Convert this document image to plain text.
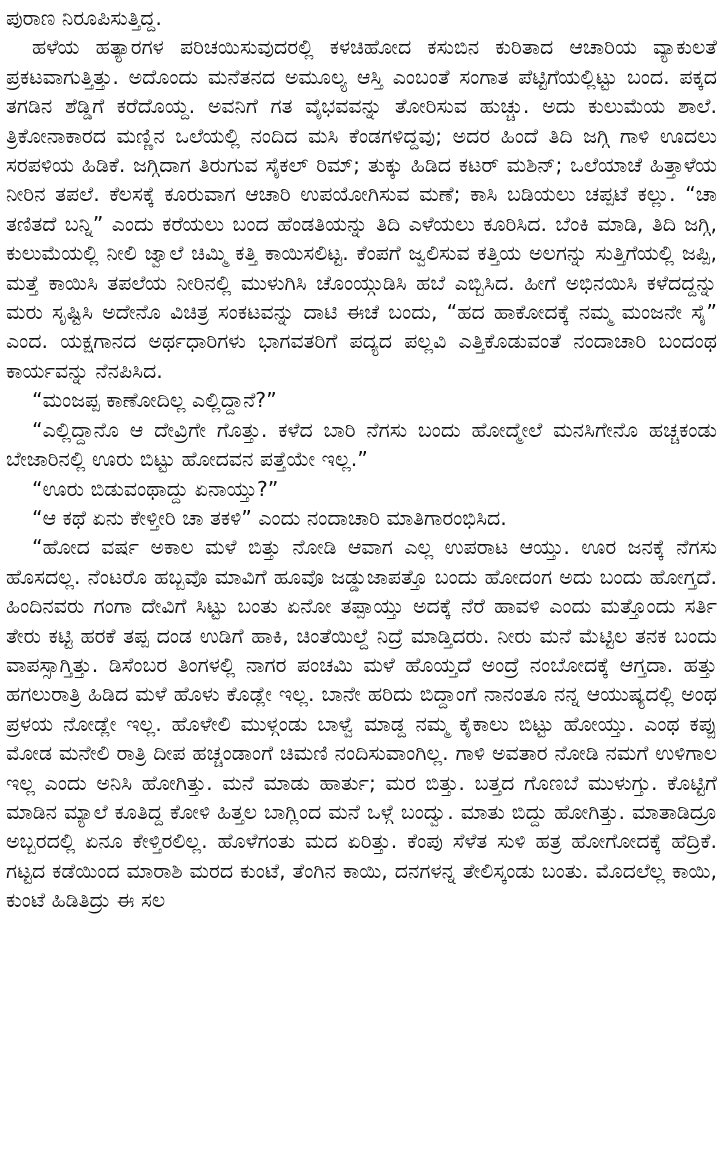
ಪುರಾಣ ನಿರೂಪಿಸುತ್ತಿದ್ದ.

ಹಳೆಯ ಹತ್ಯಾರಗಳ ಪರಿಚಯಿಸುವುದರಲ್ಲಿ ಕಳಚಿಹೋದ ಕಸುಬಿನ ಕುರಿತಾದ ಆಚಾರಿಯ ವ್ಯಾಕುಲತೆ ಪ್ರಕಟವಾಗುತ್ತಿತ್ತು. ಅದೊಂದು ಮನೆತನದ ಅಮೂಲ್ಯ ಆಸ್ತಿ ಎಂಬಂತೆ ಸಂಗಾತ ಪೆಟ್ಟಿಗೆಯಲ್ಲಿಟ್ಟು ಬಂದ. ಪಕ್ಕದ ತಗಡಿನ ಶೆಡ್ಡಿಗೆ ಕರೆದೊಯ್ದ. ಅವನಿಗೆ ಗತ ವೈಭವವನ್ನು ತೋರಿಸುವ ಹುಚ್ಚು. ಅದು ಕುಲುಮೆಯ ಶಾಲೆ. ತ್ರಿಕೋನಾಕಾರದ ಮಣ್ಣಿನ ಒಲೆಯಲ್ಲಿ ನಂದಿದ ಮಸಿ ಕೆಂಡಗಳಿದ್ದವು; ಅದರ ಹಿಂದೆ ತಿದಿ ಜಗ್ಗಿ ಗಾಳಿ ಊದಲು ಸರಪಳಿಯ ಹಿಡಿಕೆ. ಜಗ್ಗಿದಾಗ ತಿರುಗುವ ಸೈಕಲ್ ರಿಮ್; ತುಕ್ಕು ಹಿಡಿದ ಕಟರ್ ಮಶಿನ್; ಒಲೆಯಾಚೆ ಹಿತ್ತಾಳೆಯ ನೀರಿನ ತಪಲೆ. ಕೆಲಸಕ್ಕೆ ಕೂರುವಾಗ ಆಚಾರಿ ಉಪಯೋಗಿಸುವ ಮಣೆ; ಕಾಸಿ ಬಡಿಯಲು ಚಪ್ಪಟೆ ಕಲ್ಲು. “ಚಾ ತಣಿತದೆ ಬನ್ನಿ” ಎಂದು ಕರೆಯಲು ಬಂದ ಹೆಂಡತಿಯನ್ನು ತಿದಿ ಎಳೆಯಲು ಕೂರಿಸಿದ. ಬೆಂಕಿ ಮಾಡಿ, ತಿದಿ ಜಗ್ಗಿ, ಕುಲುಮೆಯಲ್ಲಿ ನೀಲಿ ಜ್ವಾಲೆ ಚಿಮ್ಮಿ ಕತ್ತಿ ಕಾಯಿಸಲಿಟ್ಟ. ಕೆಂಪಗೆ ಜ್ವಲಿಸುವ ಕತ್ತಿಯ ಅಲಗನ್ನು ಸುತ್ತಿಗೆಯಲ್ಲಿ ಜಪ್ಪಿ, ಮತ್ತೆ ಕಾಯಿಸಿ ತಪಲೆಯ ನೀರಿನಲ್ಲಿ ಮುಳುಗಿಸಿ ಚೊಂಯ್ಗುಡಿಸಿ ಹಬೆ ಎಬ್ಬಿಸಿದ. ಹೀಗೆ ಅಭಿನಯಿಸಿ ಕಳೆದದ್ದನ್ನು ಮರು ಸೃಷ್ಟಿಸಿ ಅದೇನೊ ವಿಚಿತ್ರ ಸಂಕಟವನ್ನು ದಾಟಿ ಈಚೆ ಬಂದು, “ಹದ ಹಾಕೋದಕ್ಕೆ ನಮ್ಮ ಮಂಜನೇ ಸೈ” ಎಂದ. ಯಕ್ಷಗಾನದ ಅರ್ಥಧಾರಿಗಳು ಭಾಗವತರಿಗೆ ಪದ್ಯದ ಪಲ್ಲವಿ ಎತ್ತಿಕೊಡುವಂತೆ ನಂದಾಚಾರಿ ಬಂದಂಥ ಕಾರ್ಯವನ್ನು ನೆನಪಿಸಿದ.

“ಮಂಜಪ್ಪ ಕಾಣೋದಿಲ್ಲ ಎಲ್ಲಿದ್ದಾನೆ?”

“ಎಲ್ಲಿದ್ದಾನೊ ಆ ದೇವ್ರಿಗೇ ಗೊತ್ತು. ಕಳೆದ ಬಾರಿ ನೆಗಸು ಬಂದು ಹೋದ್ಮೇಲೆ ಮನಸಿಗೇನೊ ಹಚ್ಚಕಂಡು ಬೇಜಾರಿನಲ್ಲಿ ಊರು ಬಿಟ್ಟು ಹೋದವನ ಪತ್ತೆಯೇ ಇಲ್ಲ.”

“ಊರು ಬಿಡುವಂಥಾದ್ದು ಏನಾಯ್ತು?”

“ಆ ಕಥೆ ಏನು ಕೇಳ್ತೀರಿ ಚಾ ತಕಳಿ” ಎಂದು ನಂದಾಚಾರಿ ಮಾತಿಗಾರಂಭಿಸಿದ.

“ಹೋದ ವರ್ಷ ಅಕಾಲ ಮಳೆ ಬಿತ್ತು ನೋಡಿ ಆವಾಗ ಎಲ್ಲ ಉಪರಾಟ ಆಯ್ತು. ಊರ ಜನಕ್ಕೆ ನೆಗಸು ಹೊಸದಲ್ಲ. ನೆಂಟರೊ ಹಬ್ಬವೊ ಮಾವಿಗೆ ಹೂವೊ ಜಡ್ಡುಜಾಪತ್ತೊ ಬಂದು ಹೋದಂಗ ಅದು ಬಂದು ಹೋಗ್ತದೆ. ಹಿಂದಿನವರು ಗಂಗಾ ದೇವಿಗೆ ಸಿಟ್ಟು ಬಂತು ಏನೋ ತಪ್ಪಾಯ್ತು ಅದಕ್ಕೆ ನೆರೆ ಹಾವಳಿ ಎಂದು ಮತ್ತೊಂದು ಸರ್ತಿ ತೇರು ಕಟ್ಟಿ ಹರಕೆ ತಪ್ಪ ದಂಡ ಉಡಿಗೆ ಹಾಕಿ, ಚಿಂತೆಯಿಲ್ದೆ ನಿದ್ರೆ ಮಾಡ್ತಿದರು. ನೀರು ಮನೆ ಮೆಟ್ಟಿಲ ತನಕ ಬಂದು ವಾಪಸ್ಸಾಗ್ತಿತ್ತು. ಡಿಸೆಂಬರ ತಿಂಗಳಲ್ಲಿ ನಾಗರ ಪಂಚಮಿ ಮಳೆ ಹೊಯ್ತದೆ ಅಂದ್ರೆ ನಂಬೋದಕ್ಕೆ ಆಗ್ತದಾ. ಹತ್ತು ಹಗಲುರಾತ್ರಿ ಹಿಡಿದ ಮಳೆ ಹೊಳು ಕೊಡ್ಲೇ ಇಲ್ಲ. ಬಾನೇ ಹರಿದು ಬಿದ್ದಾಂಗೆ ನಾನಂತೂ ನನ್ನ ಆಯುಷ್ಯದಲ್ಲಿ ಅಂಥ ಪ್ರಳಯ ನೋಡ್ಲೇ ಇಲ್ಲ. ಹೊಳೇಲಿ ಮುಳ್ಗಂಡು ಬಾಳ್ವೆ ಮಾಡ್ದ ನಮ್ಮ ಕೈಕಾಲು ಬಿಟ್ಟು ಹೋಯ್ತು. ಎಂಥ ಕಪ್ಪು ಮೋಡ ಮನೇಲಿ ರಾತ್ರಿ ದೀಪ ಹಚ್ಚಂಡಾಂಗೆ ಚಿಮಣಿ ನಂದಿಸುವಾಂಗಿಲ್ಲ. ಗಾಳಿ ಅವತಾರ ನೋಡಿ ನಮಗೆ ಉಳಿಗಾಲ ಇಲ್ಲ ಎಂದು ಅನಿಸಿ ಹೋಗಿತ್ತು. ಮನೆ ಮಾಡು ಹಾರ್ತು; ಮರ ಬಿತ್ತು. ಬತ್ತದ ಗೊಣಬೆ ಮುಳುಗ್ತು. ಕೊಟ್ಟಿಗೆ ಮಾಡಿನ ಮ್ಯಾಲೆ ಕೂತಿದ್ದ ಕೋಳಿ ಹಿತ್ತಲ ಬಾಗ್ಲಿಂದ ಮನೆ ಒಳ್ಗೆ ಬಂದ್ವು. ಮಾತು ಬಿದ್ದು ಹೋಗಿತ್ತು. ಮಾತಾಡಿದ್ರೂ ಅಬ್ಬರದಲ್ಲಿ ಏನೂ ಕೇಳ್ತಿರಲಿಲ್ಲ. ಹೊಳೆಗಂತು ಮದ ಏರಿತ್ತು. ಕೆಂಪು ಸೆಳೆತ ಸುಳಿ ಹತ್ರ ಹೋಗೋದಕ್ಕೆ ಹೆದ್ರಿಕೆ. ಗಟ್ಟದ ಕಡೆಯಿಂದ ಮಾರಾಶಿ ಮರದ ಕುಂಟೆ, ತೆಂಗಿನ ಕಾಯಿ, ದನಗಳನ್ನ ತೇಲಿಸ್ಕಂಡು ಬಂತು. ಮೊದಲೆಲ್ಲ ಕಾಯಿ, ಕುಂಟೆ ಹಿಡಿತಿದ್ರು ಈ ಸಲ
